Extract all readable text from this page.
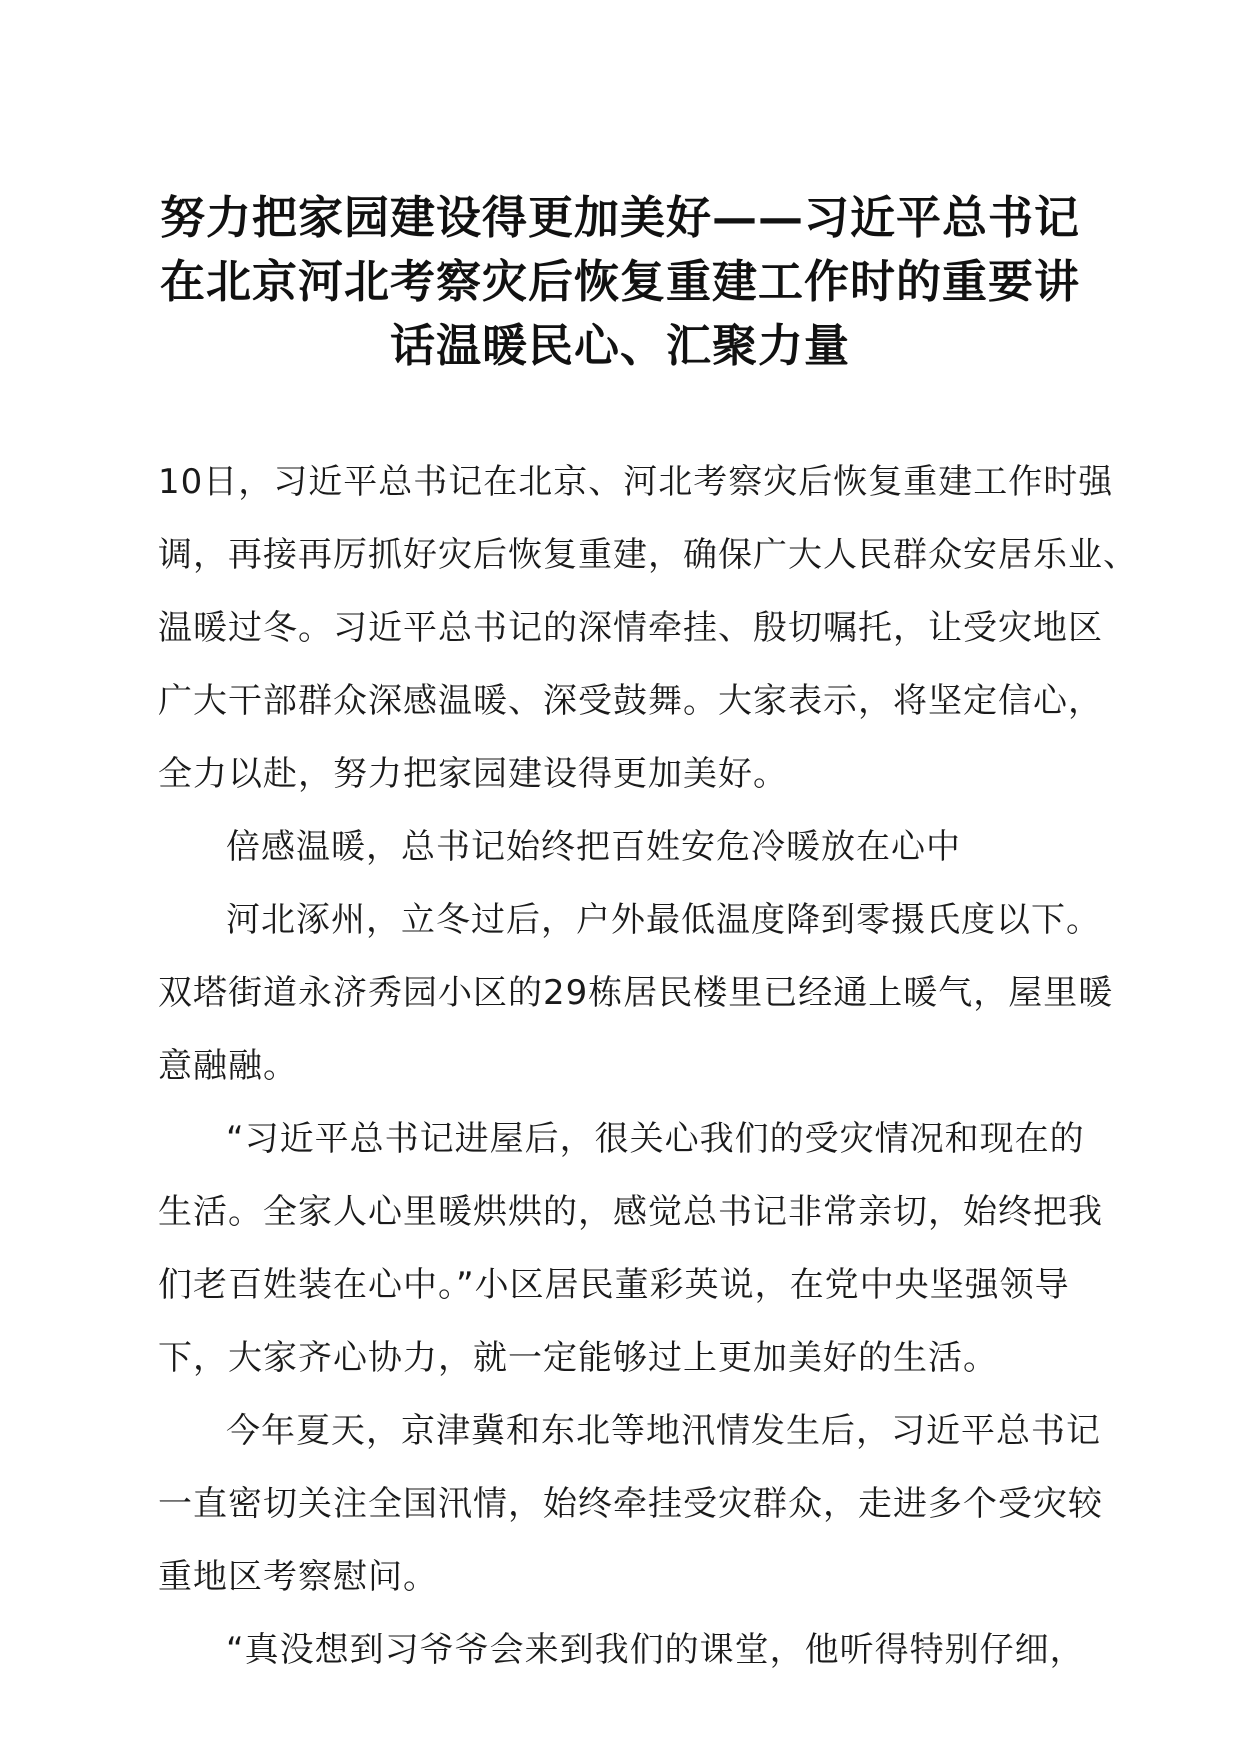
努力把家园建设得更加美好——习近平总书记
在北京河北考察灾后恢复重建工作时的重要讲
话温暖民心、汇聚力量

10日，习近平总书记在北京、河北考察灾后恢复重建工作时强
调，再接再厉抓好灾后恢复重建，确保广大人民群众安居乐业、
温暖过冬。习近平总书记的深情牵挂、殷切嘱托，让受灾地区
广大干部群众深感温暖、深受鼓舞。大家表示，将坚定信心，
全力以赴，努力把家园建设得更加美好。

倍感温暖，总书记始终把百姓安危冷暖放在心中

河北涿州，立冬过后，户外最低温度降到零摄氏度以下。
双塔街道永济秀园小区的29栋居民楼里已经通上暖气，屋里暖
意融融。

“习近平总书记进屋后，很关心我们的受灾情况和现在的
生活。全家人心里暖烘烘的，感觉总书记非常亲切，始终把我
们老百姓装在心中。”小区居民董彩英说，在党中央坚强领导
下，大家齐心协力，就一定能够过上更加美好的生活。

今年夏天，京津冀和东北等地汛情发生后，习近平总书记
一直密切关注全国汛情，始终牵挂受灾群众，走进多个受灾较
重地区考察慰问。

“真没想到习爷爷会来到我们的课堂，他听得特别仔细，
